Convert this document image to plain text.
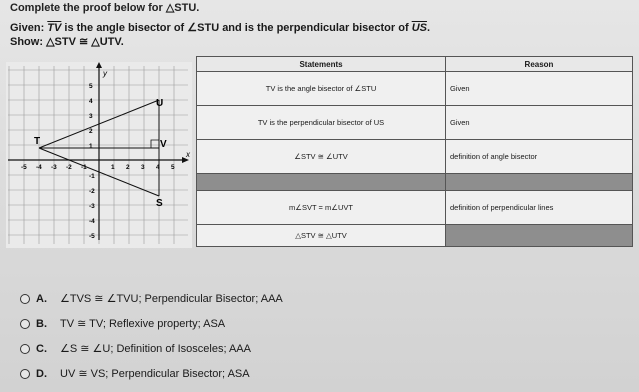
Complete the proof below for △STU.
Given: $\overline{TV}$ is the angle bisector of ∠STU and is the perpendicular bisector of $\overline{US}$.
Show: △STV ≅ △UTV.
x
y
-5 -4 -3 -2 -1	1 2 3 4 5
5
4
3
2
1
-1
-2
-3
-4
-5
T
U
V
S
Statements	Reason
TV is the angle bisector of ∠STU	Given
TV is the perpendicular bisector of US	Given
∠STV ≅ ∠UTV	definition of angle bisector

m∠SVT = m∠UVT	definition of perpendicular lines
△STV ≅ △UTV	
A.	∠TVS ≅ ∠TVU; Perpendicular Bisector; AAA
B.	TV ≅ TV; Reflexive property; ASA
C.	∠S ≅ ∠U; Definition of Isosceles; AAA
D.	UV ≅ VS; Perpendicular Bisector; ASA
